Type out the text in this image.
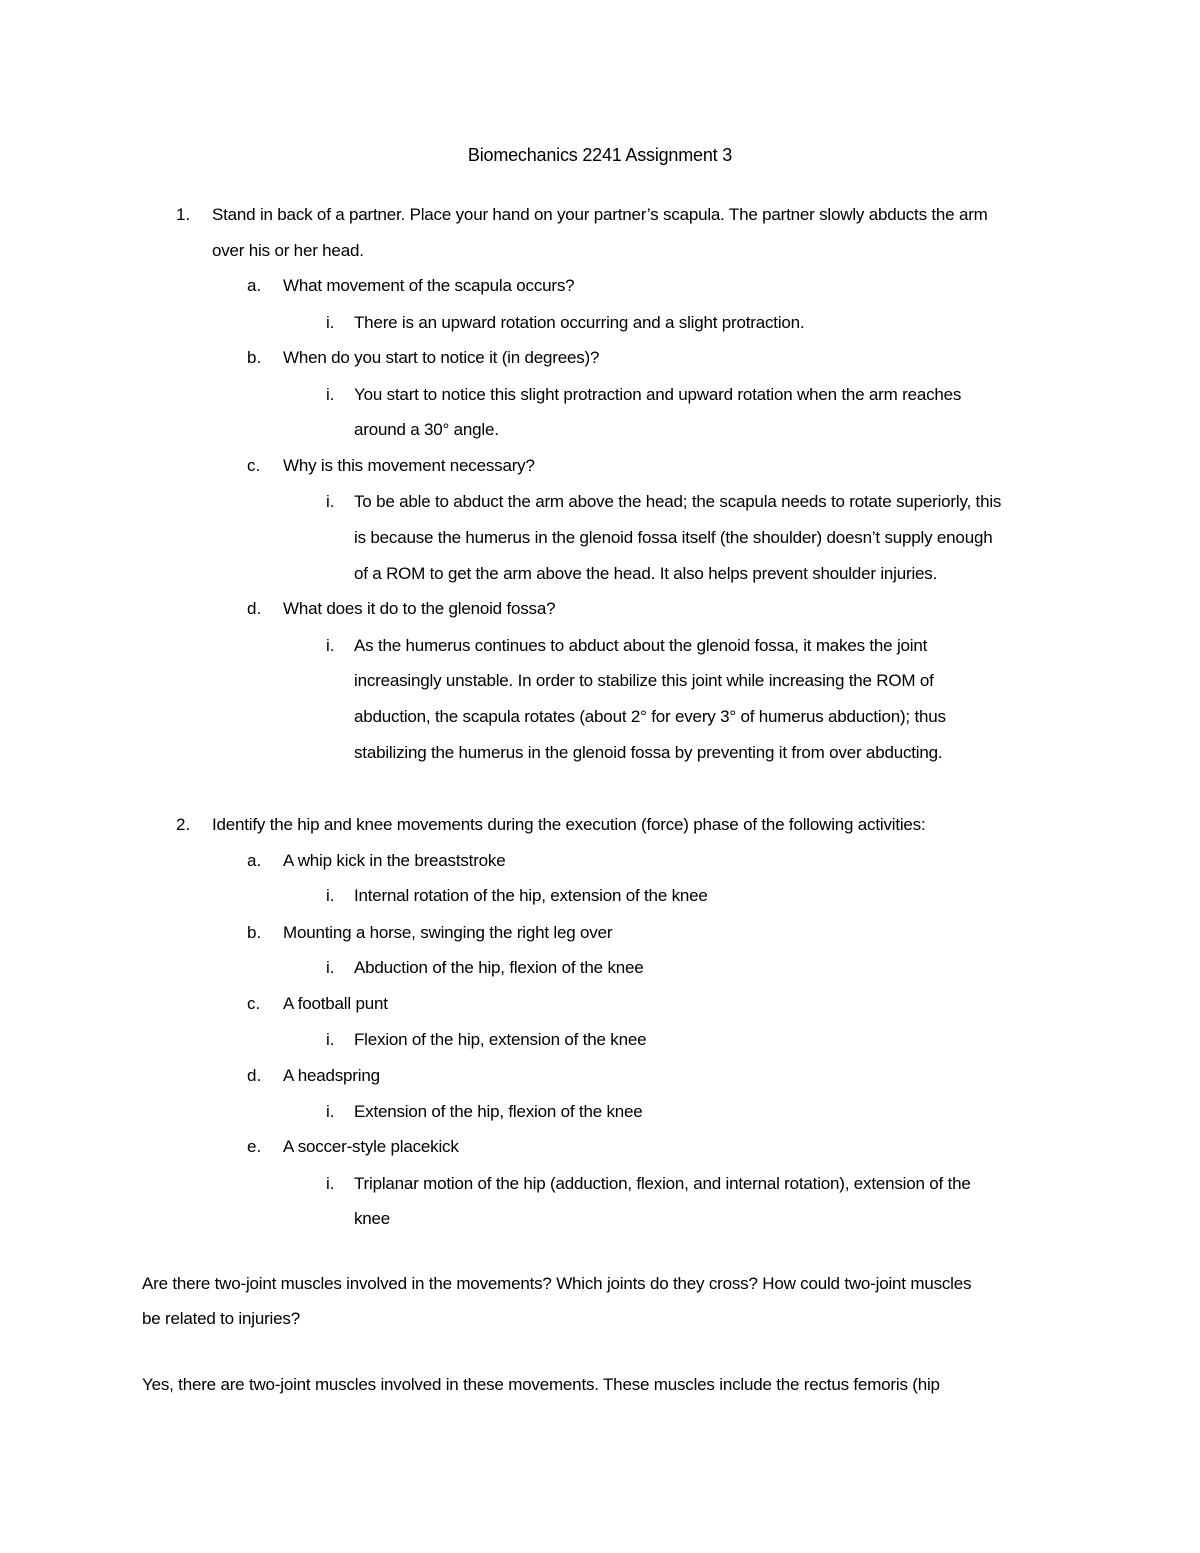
Biomechanics 2241 Assignment 3
1. Stand in back of a partner. Place your hand on your partner’s scapula. The partner slowly abducts the arm
over his or her head.
a. What movement of the scapula occurs?
i. There is an upward rotation occurring and a slight protraction.
b. When do you start to notice it (in degrees)?
i. You start to notice this slight protraction and upward rotation when the arm reaches
around a 30° angle.
c. Why is this movement necessary?
i. To be able to abduct the arm above the head; the scapula needs to rotate superiorly, this
is because the humerus in the glenoid fossa itself (the shoulder) doesn’t supply enough
of a ROM to get the arm above the head. It also helps prevent shoulder injuries.
d. What does it do to the glenoid fossa?
i. As the humerus continues to abduct about the glenoid fossa, it makes the joint
increasingly unstable. In order to stabilize this joint while increasing the ROM of
abduction, the scapula rotates (about 2° for every 3° of humerus abduction); thus
stabilizing the humerus in the glenoid fossa by preventing it from over abducting.
2. Identify the hip and knee movements during the execution (force) phase of the following activities:
a. A whip kick in the breaststroke
i. Internal rotation of the hip, extension of the knee
b. Mounting a horse, swinging the right leg over
i. Abduction of the hip, flexion of the knee
c. A football punt
i. Flexion of the hip, extension of the knee
d. A headspring
i. Extension of the hip, flexion of the knee
e. A soccer-style placekick
i. Triplanar motion of the hip (adduction, flexion, and internal rotation), extension of the
knee
Are there two-joint muscles involved in the movements? Which joints do they cross? How could two-joint muscles
be related to injuries?
Yes, there are two-joint muscles involved in these movements. These muscles include the rectus femoris (hip
